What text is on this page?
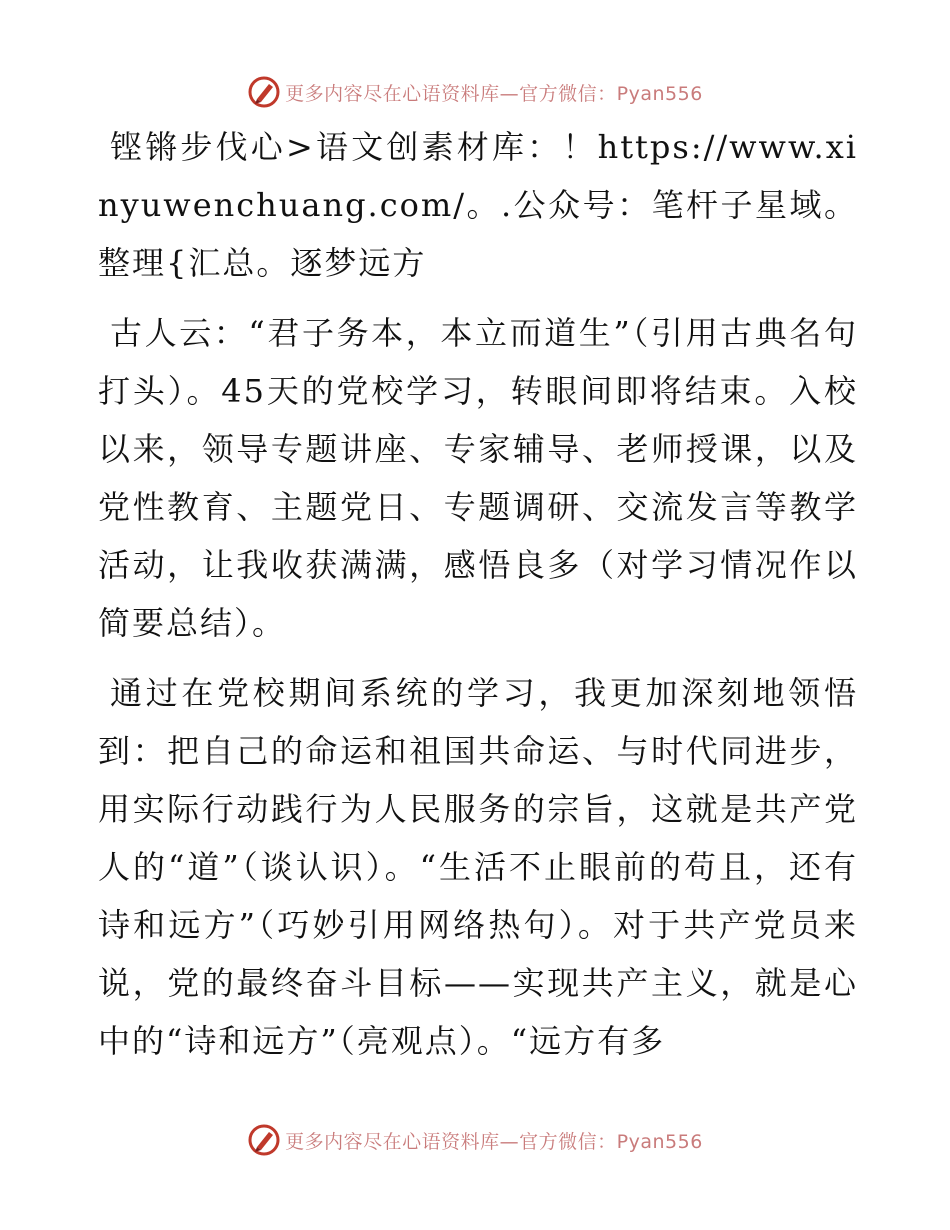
更多内容尽在心语资料库—官方微信：Pyan556

铿锵步伐心>语文创素材库：！https://www.xinyuwenchuang.com/。.公众号：笔杆子星域。整理{汇总。逐梦远方

古人云：“君子务本，本立而道生”（引用古典名句打头）。45天的党校学习，转眼间即将结束。入校以来，领导专题讲座、专家辅导、老师授课，以及党性教育、主题党日、专题调研、交流发言等教学活动，让我收获满满，感悟良多（对学习情况作以简要总结）。

通过在党校期间系统的学习，我更加深刻地领悟到：把自己的命运和祖国共命运、与时代同进步，用实际行动践行为人民服务的宗旨，这就是共产党人的“道”（谈认识）。“生活不止眼前的苟且，还有诗和远方”（巧妙引用网络热句）。对于共产党员来说，党的最终奋斗目标——实现共产主义，就是心中的“诗和远方”（亮观点）。“远方有多

更多内容尽在心语资料库—官方微信：Pyan556
